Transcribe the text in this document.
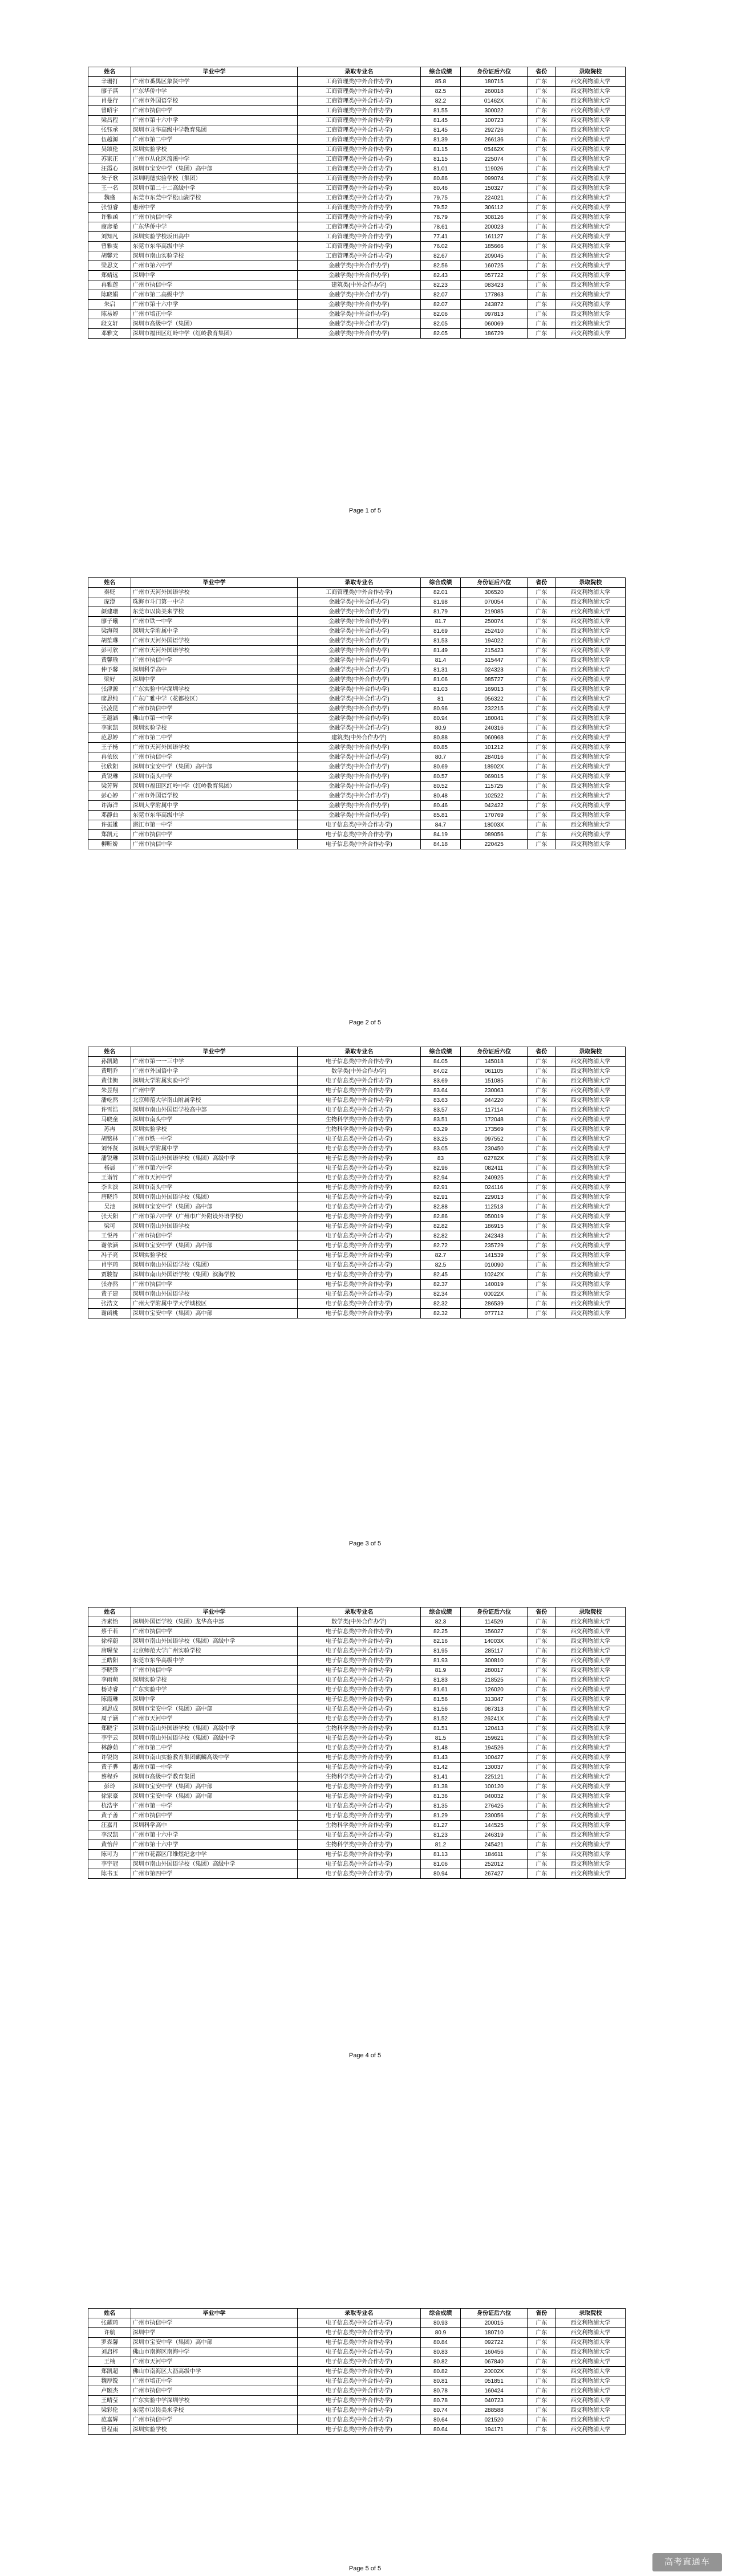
姓名	毕业中学	录取专业名	综合成绩	身份证后六位	省份	录取院校
辛珊打	广州市番禺区象贤中学	工商管理类(中外合作办学)	85.8	180715	广东	西交利物浦大学
廖子淇	广东华侨中学	工商管理类(中外合作办学)	82.5	260018	广东	西交利物浦大学
肖曼行	广州市外国语学校	工商管理类(中外合作办学)	82.2	01462X	广东	西交利物浦大学
曾昭宇	广州市执信中学	工商管理类(中外合作办学)	81.55	300022	广东	西交利物浦大学
梁昌程	广州市第十六中学	工商管理类(中外合作办学)	81.45	100723	广东	西交利物浦大学
张钰承	深圳市龙华高级中学教育集团	工商管理类(中外合作办学)	81.45	292726	广东	西交利物浦大学
伍越源	广州市第二中学	工商管理类(中外合作办学)	81.39	266136	广东	西交利物浦大学
吴颂伦	深圳实验学校	工商管理类(中外合作办学)	81.15	05462X	广东	西交利物浦大学
苏家正	广州市从化区流溪中学	工商管理类(中外合作办学)	81.15	225074	广东	西交利物浦大学
汪霞心	深圳市宝安中学（集团）高中部	工商管理类(中外合作办学)	81.01	119026	广东	西交利物浦大学
朱子歌	深圳明德实验学校（集团）	工商管理类(中外合作办学)	80.86	099074	广东	西交利物浦大学
王一名	深圳市第二十二高级中学	工商管理类(中外合作办学)	80.46	150327	广东	西交利物浦大学
魏盛	东莞市东莞中学松山湖学校	工商管理类(中外合作办学)	79.75	224021	广东	西交利物浦大学
张恒睿	惠州中学	工商管理类(中外合作办学)	79.52	306112	广东	西交利物浦大学
许雅函	广州市执信中学	工商管理类(中外合作办学)	78.79	308126	广东	西交利物浦大学
商彦希	广东华侨中学	工商管理类(中外合作办学)	78.61	200023	广东	西交利物浦大学
刘知凡	深圳实验学校坂田高中	工商管理类(中外合作办学)	77.41	161127	广东	西交利物浦大学
曾雅雯	东莞市东华高级中学	工商管理类(中外合作办学)	76.02	185666	广东	西交利物浦大学
胡馨元	深圳市南山实验学校	工商管理类(中外合作办学)	82.67	209045	广东	西交利物浦大学
梁思文	广州市第六中学	金融学类(中外合作办学)	82.56	160725	广东	西交利物浦大学
郑婧远	深圳中学	金融学类(中外合作办学)	82.43	057722	广东	西交利物浦大学
冉雅莲	广州市执信中学	建筑类(中外合作办学)	82.23	083423	广东	西交利物浦大学
陈晓娟	广州市第二高级中学	金融学类(中外合作办学)	82.07	177863	广东	西交利物浦大学
朱启	广州市第十六中学	金融学类(中外合作办学)	82.07	243872	广东	西交利物浦大学
陈易婷	广州市培正中学	金融学类(中外合作办学)	82.06	097813	广东	西交利物浦大学
段文轩	深圳市高级中学（集团）	金融学类(中外合作办学)	82.05	060069	广东	西交利物浦大学
邓雅文	深圳市福田区红岭中学（红岭教育集团）	金融学类(中外合作办学)	82.05	186729	广东	西交利物浦大学
Page 1 of 5
姓名	毕业中学	录取专业名	综合成绩	身份证后六位	省份	录取院校
秦贬	广州市天河外国语学校	工商管理类(中外合作办学)	82.01	306520	广东	西交利物浦大学
庞澄	珠海市斗门第一中学	金融学类(中外合作办学)	81.98	070054	广东	西交利物浦大学
颜建珊	东莞市以岗美来学校	金融学类(中外合作办学)	81.79	219085	广东	西交利物浦大学
廖子曦	广州市铁一中学	金融学类(中外合作办学)	81.7	250074	广东	西交利物浦大学
梁海翔	深圳大学附属中学	金融学类(中外合作办学)	81.69	252410	广东	西交利物浦大学
胡笙琳	广州市天河外国语学校	金融学类(中外合作办学)	81.53	194022	广东	西交利物浦大学
彭可欣	广州市天河外国语学校	金融学类(中外合作办学)	81.49	215423	广东	西交利物浦大学
黄馨瑜	广州市执信中学	金融学类(中外合作办学)	81.4	315447	广东	西交利物浦大学
仲予馨	深圳科学高中	金融学类(中外合作办学)	81.31	024323	广东	西交利物浦大学
梁好	深圳中学	金融学类(中外合作办学)	81.06	085727	广东	西交利物浦大学
张津源	广东实验中学深圳学校	金融学类(中外合作办学)	81.03	169013	广东	西交利物浦大学
廖思纯	广东广雅中学（花都校区）	金融学类(中外合作办学)	81	056322	广东	西交利物浦大学
张凌昆	广州市执信中学	金融学类(中外合作办学)	80.96	232215	广东	西交利物浦大学
王越涵	佛山市第一中学	金融学类(中外合作办学)	80.94	180041	广东	西交利物浦大学
李家凯	深圳实验学校	金融学类(中外合作办学)	80.9	240316	广东	西交利物浦大学
范思婷	广州市第二中学	建筑类(中外合作办学)	80.88	060968	广东	西交利物浦大学
王子杨	广州市天河外国语学校	金融学类(中外合作办学)	80.85	101212	广东	西交利物浦大学
冉依依	广州市执信中学	金融学类(中外合作办学)	80.7	284016	广东	西交利物浦大学
张欣阳	深圳市宝安中学（集团）高中部	金融学类(中外合作办学)	80.69	18902X	广东	西交利物浦大学
黄锐琳	深圳市南头中学	金融学类(中外合作办学)	80.57	069015	广东	西交利物浦大学
梁芳辉	深圳市福田区红岭中学（红岭教育集团）	金融学类(中外合作办学)	80.52	115725	广东	西交利物浦大学
彭心婷	广州市外国语学校	金融学类(中外合作办学)	80.48	102522	广东	西交利物浦大学
许海洋	深圳大学附属中学	金融学类(中外合作办学)	80.46	042422	广东	西交利物浦大学
邓静曲	东莞市东华高级中学	金融学类(中外合作办学)	85.81	170769	广东	西交利物浦大学
许振雄	湛江市第一中学	电子信息类(中外合作办学)	84.7	18003X	广东	西交利物浦大学
郑凯元	广州市执信中学	电子信息类(中外合作办学)	84.19	089056	广东	西交利物浦大学
柳昕娇	广州市执信中学	电子信息类(中外合作办学)	84.18	220425	广东	西交利物浦大学
Page 2 of 5
姓名	毕业中学	录取专业名	综合成绩	身份证后六位	省份	录取院校
孙凯勤	广州市第一一三中学	电子信息类(中外合作办学)	84.05	145018	广东	西交利物浦大学
黄明乔	广州市外国语中学	数学类(中外合作办学)	84.02	061105	广东	西交利物浦大学
黄佳衡	深圳大学附属实验中学	电子信息类(中外合作办学)	83.69	151085	广东	西交利物浦大学
朱昱翔	广州中学	电子信息类(中外合作办学)	83.64	230063	广东	西交利物浦大学
潘屹然	北京师范大学南山附属学校	电子信息类(中外合作办学)	83.63	044220	广东	西交利物浦大学
许雪浩	深圳市南山外国语学校高中部	电子信息类(中外合作办学)	83.57	117114	广东	西交利物浦大学
马晓童	深圳市南头中学	生物科学类(中外合作办学)	83.51	172048	广东	西交利物浦大学
苏冉	深圳实验学校	生物科学类(中外合作办学)	83.29	173569	广东	西交利物浦大学
胡铭林	广州市铁一中学	电子信息类(中外合作办学)	83.25	097552	广东	西交利物浦大学
刘怀贤	深圳大学附属中学	电子信息类(中外合作办学)	83.05	230450	广东	西交利物浦大学
潘锐琳	深圳市南山外国语学校（集团）高级中学	电子信息类(中外合作办学)	83	02782X	广东	西交利物浦大学
杨晨	广州市第六中学	电子信息类(中外合作办学)	82.96	082411	广东	西交利物浦大学
王诣竹	广州市天河中学	电子信息类(中外合作办学)	82.94	240925	广东	西交利物浦大学
李世滨	深圳市南头中学	电子信息类(中外合作办学)	82.91	024116	广东	西交利物浦大学
唐晓洋	深圳市南山外国语学校（集团）	电子信息类(中外合作办学)	82.91	229013	广东	西交利物浦大学
吴池	深圳市宝安中学（集团）高中部	电子信息类(中外合作办学)	82.88	112513	广东	西交利物浦大学
张天阳	广州市第六中学（广州市广外附设外语学校）	电子信息类(中外合作办学)	82.86	050019	广东	西交利物浦大学
梁可	深圳市南山外国语学校	电子信息类(中外合作办学)	82.82	186915	广东	西交利物浦大学
王悦丹	广州市执信中学	电子信息类(中外合作办学)	82.82	242343	广东	西交利物浦大学
谢依涵	深圳市宝安中学（集团）高中部	电子信息类(中外合作办学)	82.72	235729	广东	西交利物浦大学
冯子亮	深圳实验学校	电子信息类(中外合作办学)	82.7	141539	广东	西交利物浦大学
肖宇琦	深圳市南山外国语学校（集团）	电子信息类(中外合作办学)	82.5	010090	广东	西交利物浦大学
贾骏智	深圳市南山外国语学校（集团）滨海学校	电子信息类(中外合作办学)	82.45	10242X	广东	西交利物浦大学
张亦然	广州市执信中学	电子信息类(中外合作办学)	82.37	140019	广东	西交利物浦大学
黄子建	深圳市南山外国语学校	电子信息类(中外合作办学)	82.34	00022X	广东	西交利物浦大学
张浩文	广州大学附属中学大学城校区	电子信息类(中外合作办学)	82.32	286539	广东	西交利物浦大学
谢函桃	深圳市宝安中学（集团）高中部	电子信息类(中外合作办学)	82.32	077712	广东	西交利物浦大学
Page 3 of 5
姓名	毕业中学	录取专业名	综合成绩	身份证后六位	省份	录取院校
齐素怡	深圳外国语学校（集团）龙华高中部	数学类(中外合作办学)	82.3	114529	广东	西交利物浦大学
蔡千若	广州市执信中学	电子信息类(中外合作办学)	82.25	156027	广东	西交利物浦大学
徐梓蔚	深圳市南山外国语学校（集团）高级中学	电子信息类(中外合作办学)	82.16	14003X	广东	西交利物浦大学
唐喔莹	北京师范大学广州实验学校	电子信息类(中外合作办学)	81.95	285117	广东	西交利物浦大学
王皓阳	东莞市东华高级中学	电子信息类(中外合作办学)	81.93	300810	广东	西交利物浦大学
李晓锋	广州市执信中学	电子信息类(中外合作办学)	81.9	280017	广东	西交利物浦大学
李雨萌	深圳实验学校	电子信息类(中外合作办学)	81.83	218525	广东	西交利物浦大学
杨诗睿	广东实验中学	电子信息类(中外合作办学)	81.61	126020	广东	西交利物浦大学
陈霞琳	深圳中学	电子信息类(中外合作办学)	81.56	313047	广东	西交利物浦大学
刘思成	深圳市宝安中学（集团）高中部	电子信息类(中外合作办学)	81.56	087313	广东	西交利物浦大学
周子涵	广州市天河中学	电子信息类(中外合作办学)	81.52	26241X	广东	西交利物浦大学
郑晓宇	深圳市南山外国语学校（集团）高级中学	生物科学类(中外合作办学)	81.51	120413	广东	西交利物浦大学
李宇云	深圳市南山外国语学校（集团）高级中学	电子信息类(中外合作办学)	81.5	159621	广东	西交利物浦大学
林静茹	广州市第二中学	电子信息类(中外合作办学)	81.48	194526	广东	西交利物浦大学
许锐钧	深圳市南山实验教育集团麒麟高级中学	电子信息类(中外合作办学)	81.43	100427	广东	西交利物浦大学
黄子骅	惠州市第一中学	电子信息类(中外合作办学)	81.42	130037	广东	西交利物浦大学
蔡程乔	深圳市高级中学教育集团	生物科学类(中外合作办学)	81.41	225121	广东	西交利物浦大学
彭玲	深圳市宝安中学（集团）高中部	电子信息类(中外合作办学)	81.38	100120	广东	西交利物浦大学
徐家豪	深圳市宝安中学（集团）高中部	电子信息类(中外合作办学)	81.36	040032	广东	西交利物浦大学
杭浩宇	广州市第一中学	电子信息类(中外合作办学)	81.35	276425	广东	西交利物浦大学
黄子善	广州市执信中学	电子信息类(中外合作办学)	81.29	230056	广东	西交利物浦大学
汪嘉月	深圳科学高中	生物科学类(中外合作办学)	81.27	144525	广东	西交利物浦大学
李汉凯	广州市第十六中学	电子信息类(中外合作办学)	81.23	246319	广东	西交利物浦大学
黄怡萍	广州市第十六中学	生物科学类(中外合作办学)	81.2	245421	广东	西交利物浦大学
陈可为	广州市花都区邝维煜纪念中学	电子信息类(中外合作办学)	81.13	184611	广东	西交利物浦大学
李宇冠	深圳市南山外国语学校（集团）高级中学	电子信息类(中外合作办学)	81.06	252012	广东	西交利物浦大学
陈书玉	广州市第四中学	电子信息类(中外合作办学)	80.94	267427	广东	西交利物浦大学
Page 4 of 5
姓名	毕业中学	录取专业名	综合成绩	身份证后六位	省份	录取院校
张耀琦	广州市执信中学	电子信息类(中外合作办学)	80.93	200015	广东	西交利物浦大学
许航	深圳中学	电子信息类(中外合作办学)	80.9	180710	广东	西交利物浦大学
罗森馨	深圳市宝安中学（集团）高中部	电子信息类(中外合作办学)	80.84	092722	广东	西交利物浦大学
刘启梓	佛山市南海区南海中学	电子信息类(中外合作办学)	80.83	160456	广东	西交利物浦大学
王楠	广州市天河中学	电子信息类(中外合作办学)	80.82	067840	广东	西交利物浦大学
郑凯超	佛山市南海区大沥高级中学	电子信息类(中外合作办学)	80.82	20002X	广东	西交利物浦大学
魏厚锐	广州市培正中学	电子信息类(中外合作办学)	80.81	051851	广东	西交利物浦大学
卢颐杰	广州市执信中学	电子信息类(中外合作办学)	80.78	160424	广东	西交利物浦大学
王晴莹	广东实验中学深圳学校	电子信息类(中外合作办学)	80.78	040723	广东	西交利物浦大学
梁彩伦	东莞市以岗美来学校	电子信息类(中外合作办学)	80.74	288588	广东	西交利物浦大学
范嘉辉	广州市执信中学	电子信息类(中外合作办学)	80.64	021520	广东	西交利物浦大学
曾程雨	深圳实验学校	电子信息类(中外合作办学)	80.64	194171	广东	西交利物浦大学
Page 5 of 5
高考直通车
